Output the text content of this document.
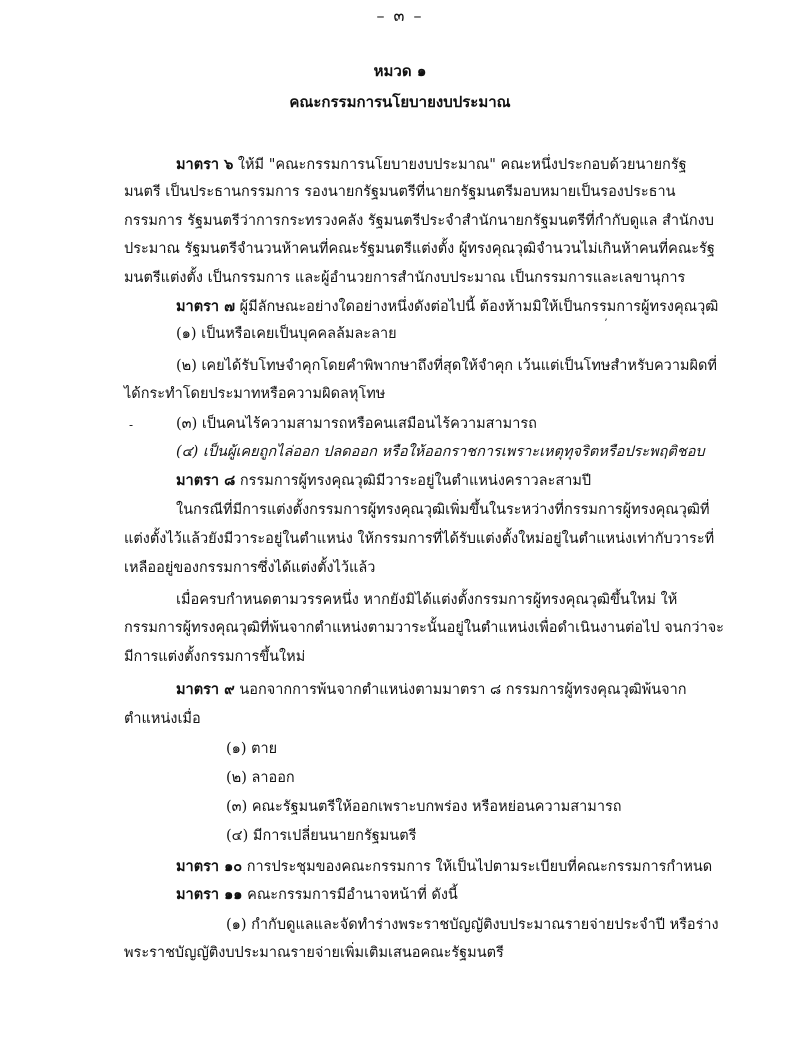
– ๓ –
หมวด ๑
คณะกรรมการนโยบายงบประมาณ
มาตรา ๖ ให้มี "คณะกรรมการนโยบายงบประมาณ" คณะหนึ่งประกอบด้วยนายกรัฐ
มนตรี เป็นประธานกรรมการ รองนายกรัฐมนตรีที่นายกรัฐมนตรีมอบหมายเป็นรองประธาน
กรรมการ รัฐมนตรีว่าการกระทรวงคลัง รัฐมนตรีประจำสำนักนายกรัฐมนตรีที่กำกับดูแล สำนักงบ
ประมาณ รัฐมนตรีจำนวนห้าคนที่คณะรัฐมนตรีแต่งตั้ง ผู้ทรงคุณวุฒิจำนวนไม่เกินห้าคนที่คณะรัฐ
มนตรีแต่งตั้ง เป็นกรรมการ และผู้อำนวยการสำนักงบประมาณ เป็นกรรมการและเลขานุการ
มาตรา ๗ ผู้มีลักษณะอย่างใดอย่างหนึ่งดังต่อไปนี้ ต้องห้ามมิให้เป็นกรรมการผู้ทรงคุณวุฒิ
ʼ
(๑) เป็นหรือเคยเป็นบุคคลล้มละลาย
(๒) เคยได้รับโทษจำคุกโดยคำพิพากษาถึงที่สุดให้จำคุก เว้นแต่เป็นโทษสำหรับความผิดที่
ได้กระทำโดยประมาทหรือความผิดลหุโทษ
-	(๓) เป็นคนไร้ความสามารถหรือคนเสมือนไร้ความสามารถ
(๔) เป็นผู้เคยถูกไล่ออก ปลดออก หรือให้ออกราชการเพราะเหตุทุจริตหรือประพฤติชอบ
มาตรา ๘ กรรมการผู้ทรงคุณวุฒิมีวาระอยู่ในตำแหน่งคราวละสามปี
ในกรณีที่มีการแต่งตั้งกรรมการผู้ทรงคุณวุฒิเพิ่มขึ้นในระหว่างที่กรรมการผู้ทรงคุณวุฒิที่
แต่งตั้งไว้แล้วยังมีวาระอยู่ในตำแหน่ง ให้กรรมการที่ได้รับแต่งตั้งใหม่อยู่ในตำแหน่งเท่ากับวาระที่
เหลืออยู่ของกรรมการซึ่งได้แต่งตั้งไว้แล้ว
เมื่อครบกำหนดตามวรรคหนึ่ง หากยังมิได้แต่งตั้งกรรมการผู้ทรงคุณวุฒิขึ้นใหม่ ให้
กรรมการผู้ทรงคุณวุฒิที่พ้นจากตำแหน่งตามวาระนั้นอยู่ในตำแหน่งเพื่อดำเนินงานต่อไป จนกว่าจะ
มีการแต่งตั้งกรรมการขึ้นใหม่
มาตรา ๙ นอกจากการพ้นจากตำแหน่งตามมาตรา ๘ กรรมการผู้ทรงคุณวุฒิพ้นจาก
ตำแหน่งเมื่อ
(๑) ตาย
(๒) ลาออก
(๓) คณะรัฐมนตรีให้ออกเพราะบกพร่อง หรือหย่อนความสามารถ
(๔) มีการเปลี่ยนนายกรัฐมนตรี
มาตรา ๑๐ การประชุมของคณะกรรมการ ให้เป็นไปตามระเบียบที่คณะกรรมการกำหนด
มาตรา ๑๑ คณะกรรมการมีอำนาจหน้าที่ ดังนี้
(๑) กำกับดูแลและจัดทำร่างพระราชบัญญัติงบประมาณรายจ่ายประจำปี หรือร่าง
พระราชบัญญัติงบประมาณรายจ่ายเพิ่มเติมเสนอคณะรัฐมนตรี
